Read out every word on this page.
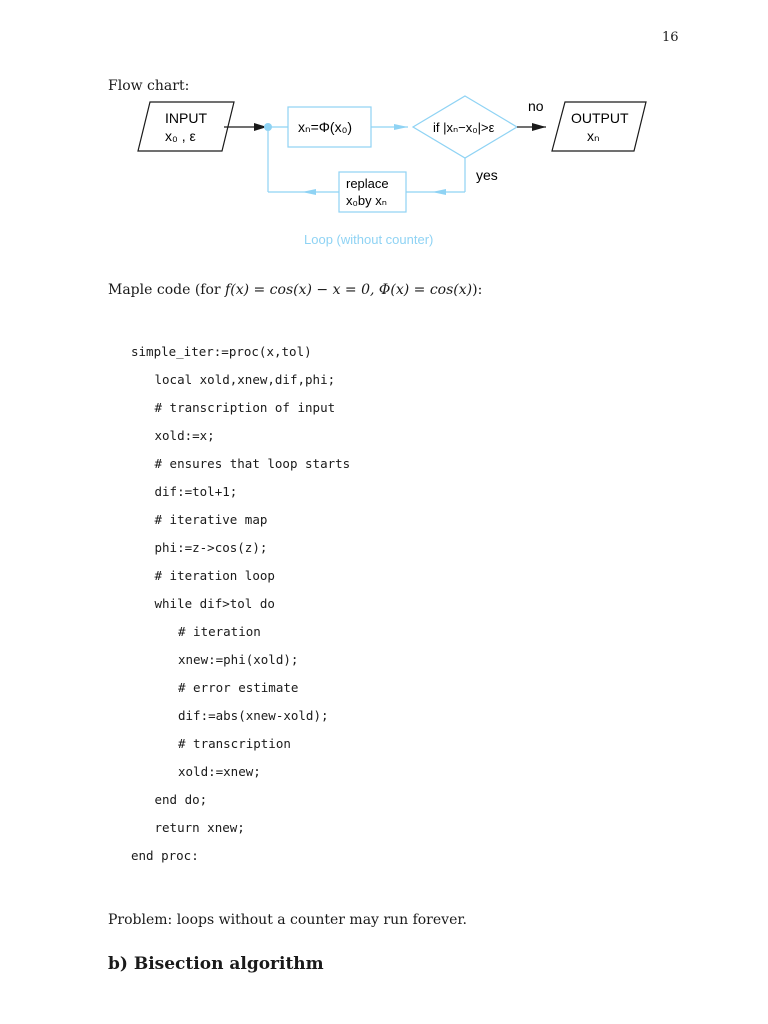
16
Flow chart:
INPUT
x₀ , ε
xₙ=Φ(x₀)	if |xₙ−x₀|>ε
no
OUTPUT
xₙ
yes
replace
x₀by xₙ
Loop (without counter)
Maple code (for f(x) = cos(x) − x = 0, Φ(x) = cos(x)):
simple_iter:=proc(x,tol)
local xold,xnew,dif,phi;
# transcription of input
xold:=x;
# ensures that loop starts
dif:=tol+1;
# iterative map
phi:=z->cos(z);
# iteration loop
while dif>tol do
# iteration
xnew:=phi(xold);
# error estimate
dif:=abs(xnew-xold);
# transcription
xold:=xnew;
end do;
return xnew;
end proc:
Problem: loops without a counter may run forever.
b) Bisection algorithm
